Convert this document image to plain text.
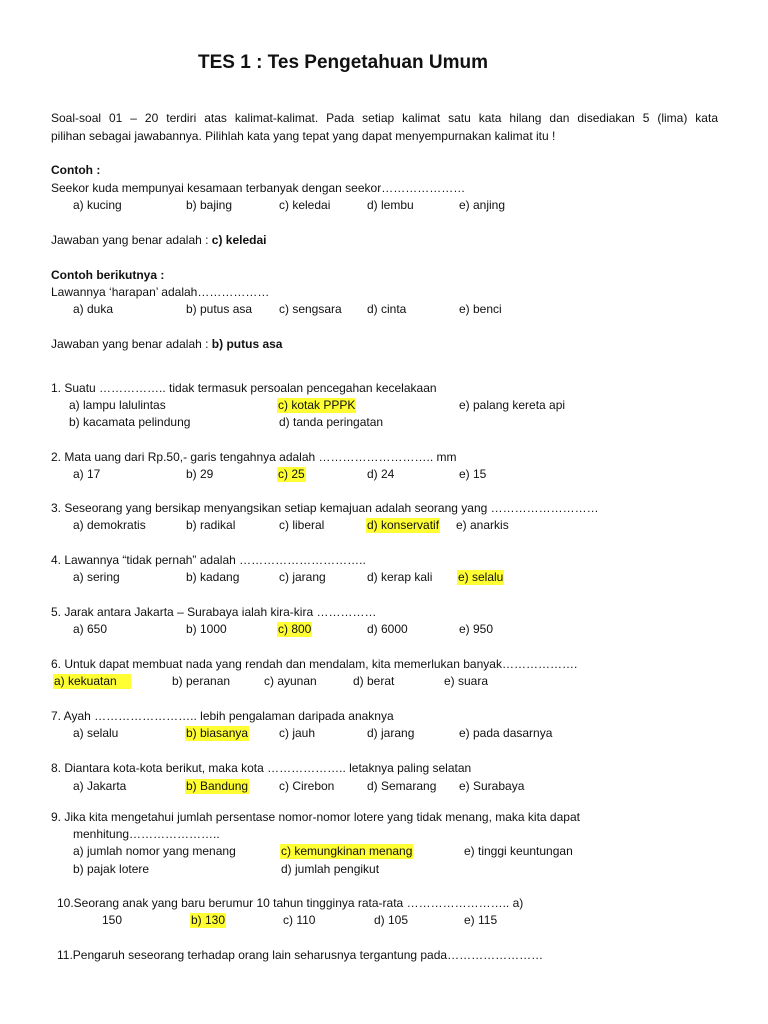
TES 1 : Tes Pengetahuan Umum
Soal-soal 01 – 20 terdiri atas kalimat-kalimat. Pada setiap kalimat satu kata hilang dan disediakan 5 (lima) kata
pilihan sebagai jawabannya. Pilihlah kata yang tepat yang dapat menyempurnakan kalimat itu !
Contoh :
Seekor kuda mempunyai kesamaan terbanyak dengan seekor…………………
a) kucing	b) bajing	c) keledai	d) lembu	e) anjing
Jawaban yang benar adalah : c) keledai
Contoh berikutnya :
Lawannya ‘harapan’ adalah………………
a) duka	b) putus asa c) sengsara d) cinta	e) benci
Jawaban yang benar adalah : b) putus asa
1. Suatu …………….. tidak termasuk persoalan pencegahan kecelakaan
a) lampu lalulintas	c) kotak PPPK	e) palang kereta api
b) kacamata pelindung	d) tanda peringatan
2. Mata uang dari Rp.50,- garis tengahnya adalah ……………………….. mm
a) 17	b) 29	c) 25	d) 24	e) 15
3. Seseorang yang bersikap menyangsikan setiap kemajuan adalah seorang yang ………………………
a) demokratis	b) radikal	c) liberal	d) konservatif e) anarkis
4. Lawannya “tidak pernah” adalah …………………………..
a) sering	b) kadang	c) jarang	d) kerap kali e) selalu
5. Jarak antara Jakarta – Surabaya ialah kira-kira ……………
a) 650	b) 1000	c) 800	d) 6000	e) 950
6. Untuk dapat membuat nada yang rendah dan mendalam, kita memerlukan banyak……………….
a) kekuatan	b) peranan	c) ayunan	d) berat	e) suara
7. Ayah …………………….. lebih pengalaman daripada anaknya
a) selalu	b) biasanya	c) jauh	d) jarang	e) pada dasarnya
8. Diantara kota-kota berikut, maka kota ……………….. letaknya paling selatan
a) Jakarta	b) Bandung	c) Cirebon	d) Semarang e) Surabaya
9. Jika kita mengetahui jumlah persentase nomor-nomor lotere yang tidak menang, maka kita dapat
menhitung…………………..
a) jumlah nomor yang menang	c) kemungkinan menang	e) tinggi keuntungan
b) pajak lotere	d) jumlah pengikut
10.Seorang anak yang baru berumur 10 tahun tingginya rata-rata …………………….. a)
150	b) 130	c) 110	d) 105	e) 115
11.Pengaruh seseorang terhadap orang lain seharusnya tergantung pada……………………
